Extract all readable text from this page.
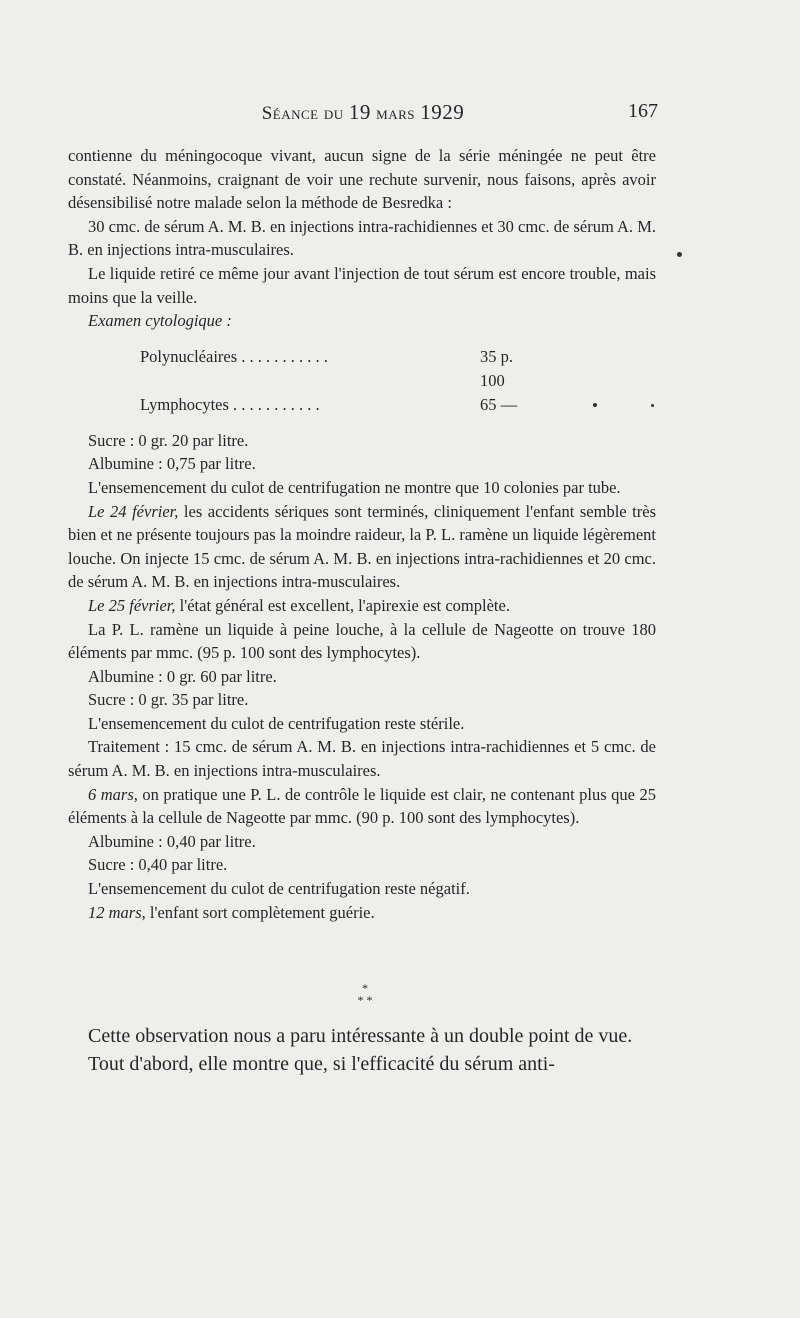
Séance du 19 mars 1929	167

contienne du méningocoque vivant, aucun signe de la série méningée ne peut être constaté. Néanmoins, craignant de voir une rechute survenir, nous faisons, après avoir désensibilisé notre malade selon la méthode de Besredka :

30 cmc. de sérum A. M. B. en injections intra-rachidiennes et 30 cmc. de sérum A. M. B. en injections intra-musculaires.

Le liquide retiré ce même jour avant l'injection de tout sérum est encore trouble, mais moins que la veille.

Examen cytologique :

Polynucléaires . . . . . . . . . . .	35 p. 100
Lymphocytes . . . . . . . . . . .	65 —

Sucre : 0 gr. 20 par litre.

Albumine : 0,75 par litre.

L'ensemencement du culot de centrifugation ne montre que 10 colonies par tube.

Le 24 février, les accidents sériques sont terminés, cliniquement l'enfant semble très bien et ne présente toujours pas la moindre raideur, la P. L. ramène un liquide légèrement louche. On injecte 15 cmc. de sérum A. M. B. en injections intra-rachidiennes et 20 cmc. de sérum A. M. B. en injections intra-musculaires.

Le 25 février, l'état général est excellent, l'apirexie est complète.

La P. L. ramène un liquide à peine louche, à la cellule de Nageotte on trouve 180 éléments par mmc. (95 p. 100 sont des lymphocytes).

Albumine : 0 gr. 60 par litre.

Sucre : 0 gr. 35 par litre.

L'ensemencement du culot de centrifugation reste stérile.

Traitement : 15 cmc. de sérum A. M. B. en injections intra-rachidiennes et 5 cmc. de sérum A. M. B. en injections intra-musculaires.

6 mars, on pratique une P. L. de contrôle le liquide est clair, ne contenant plus que 25 éléments à la cellule de Nageotte par mmc. (90 p. 100 sont des lymphocytes).

Albumine : 0,40 par litre.

Sucre : 0,40 par litre.

L'ensemencement du culot de centrifugation reste négatif.

12 mars, l'enfant sort complètement guérie.

*
* *

Cette observation nous a paru intéressante à un double point de vue.

Tout d'abord, elle montre que, si l'efficacité du sérum anti-
